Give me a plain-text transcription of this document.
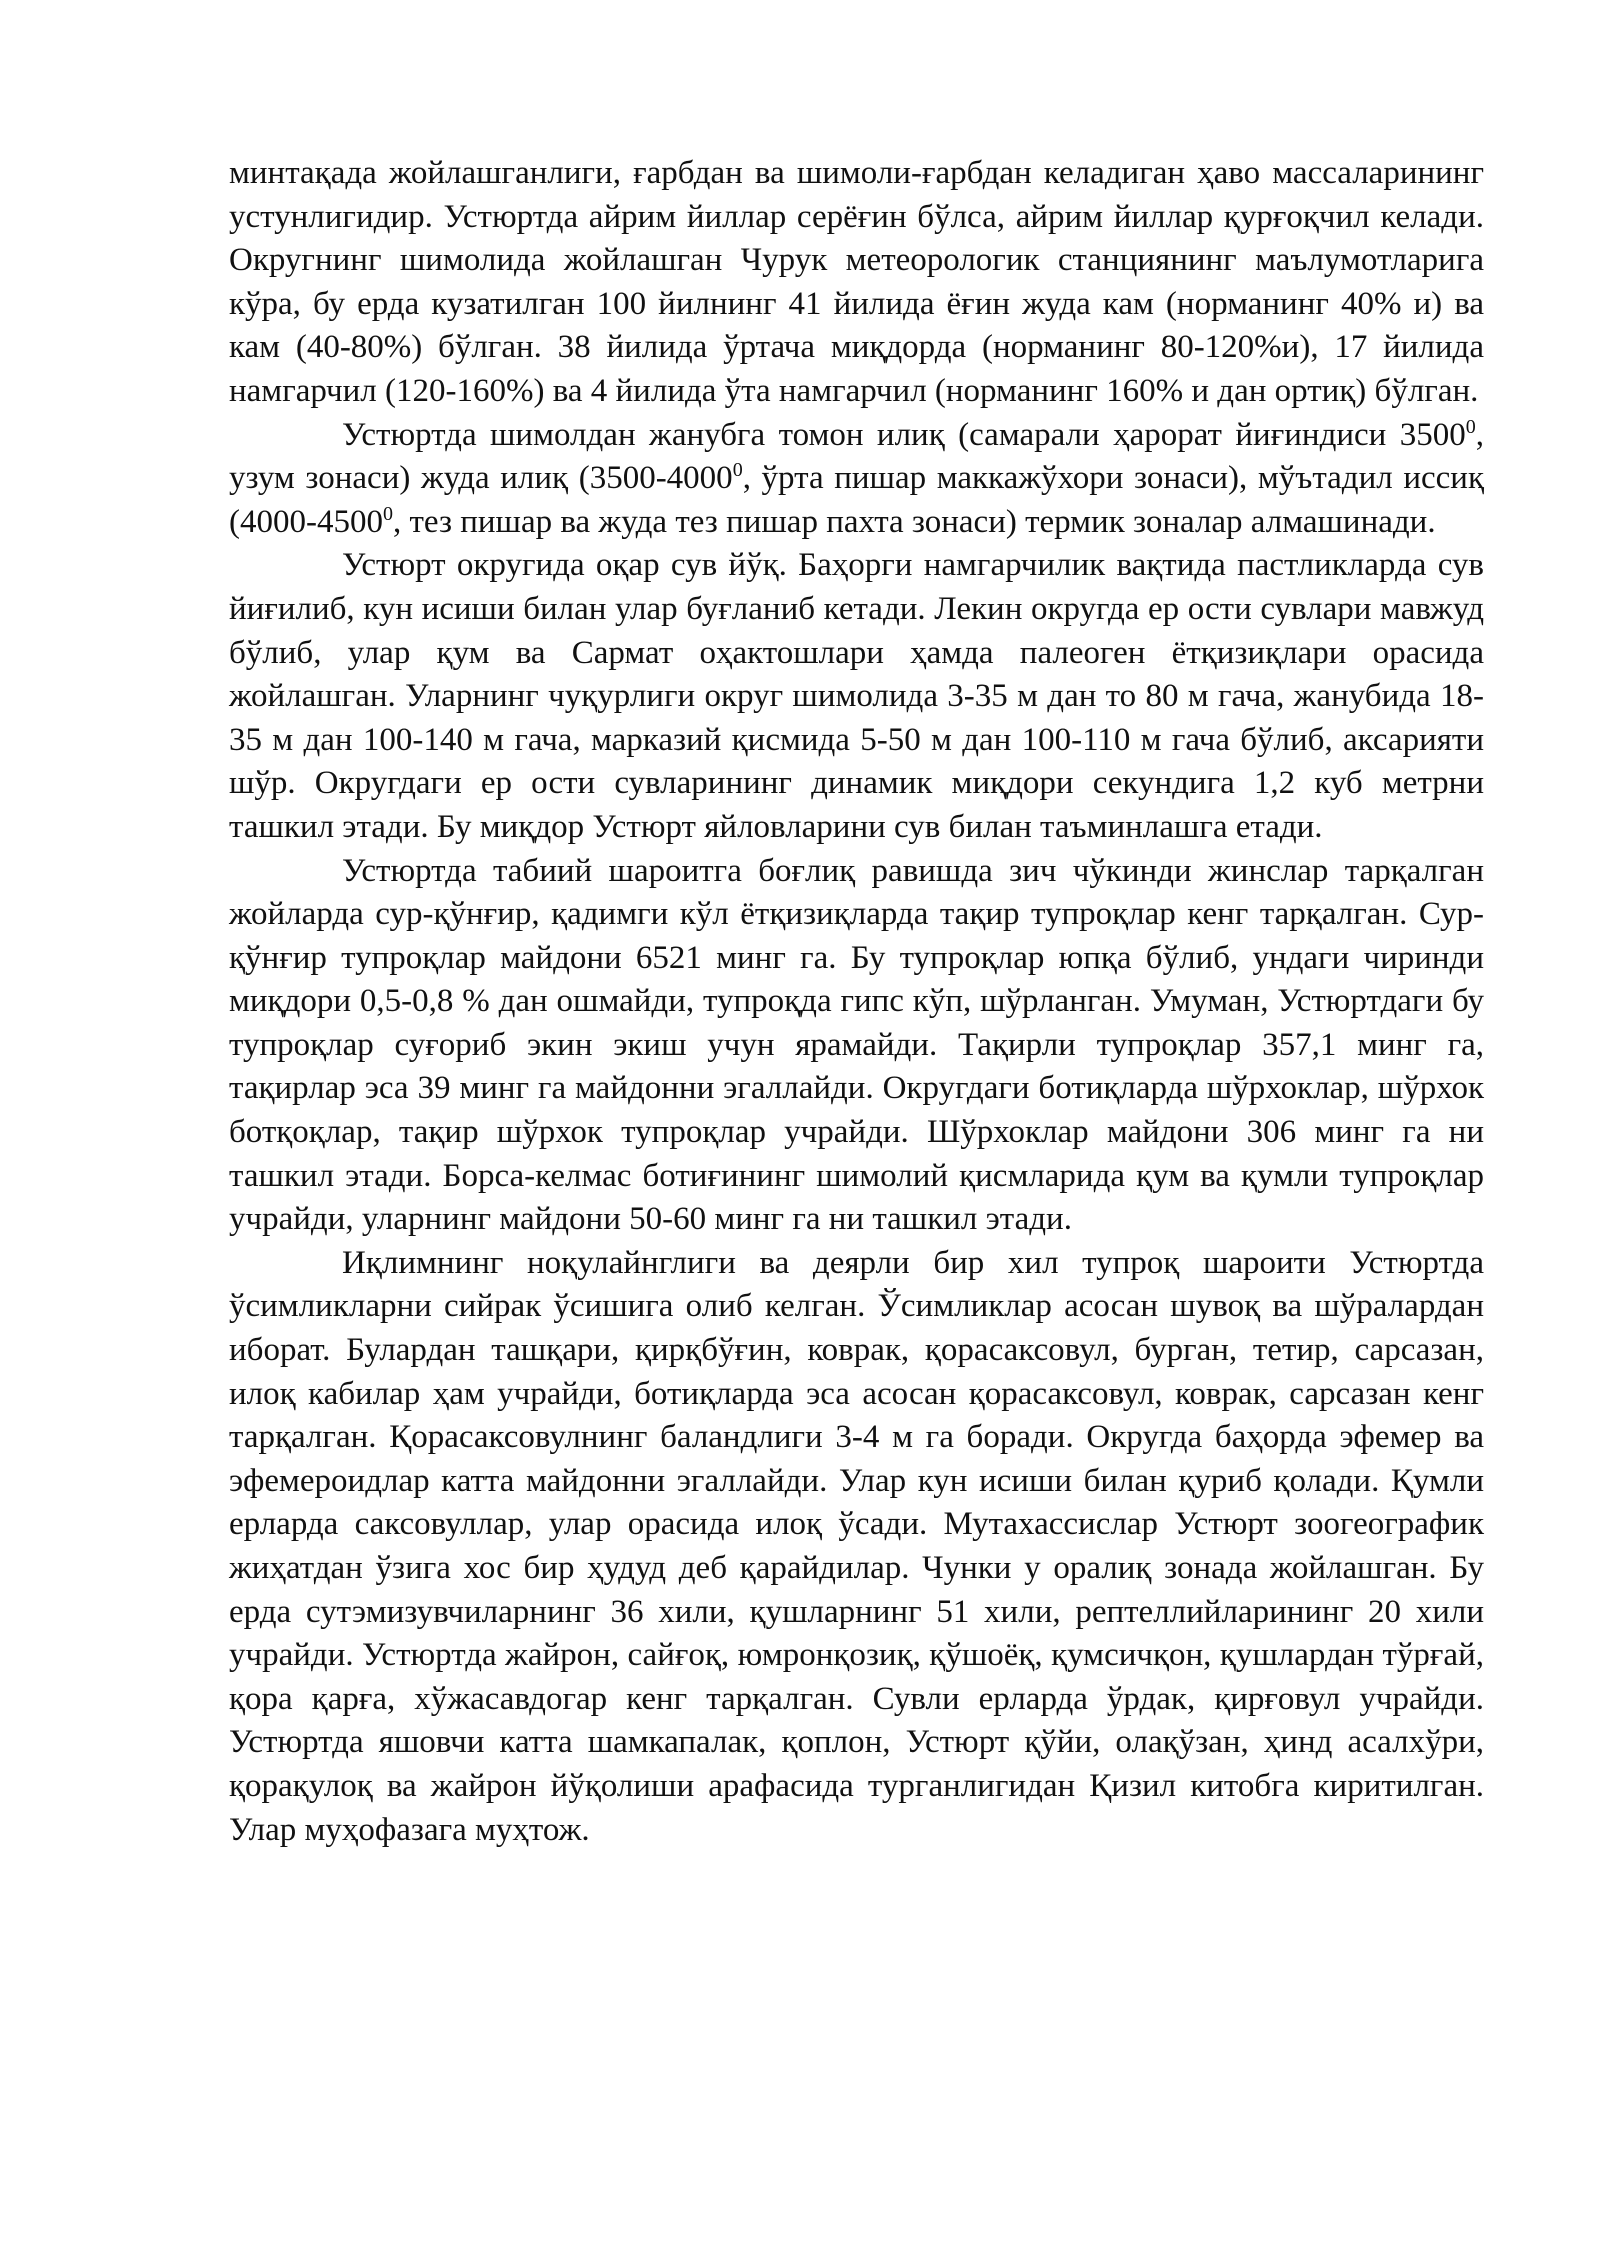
минтақада жойлашганлиги, ғарбдан ва шимоли-ғарбдан келадиган ҳаво массаларининг устунлигидир. Устюртда айрим йиллар серёғин бўлса, айрим йиллар қурғоқчил келади. Округнинг шимолида жойлашган Чурук метеорологик станциянинг маълумотларига кўра, бу ерда кузатилган 100 йилнинг 41 йилида ёғин жуда кам (норманинг 40% и) ва кам (40-80%) бўлган. 38 йилида ўртача миқдорда (норманинг 80-120%и), 17 йилида намгарчил (120-160%) ва 4 йилида ўта намгарчил (норманинг 160% и дан ортиқ) бўлган.

Устюртда шимолдан жанубга томон илиқ (самарали ҳарорат йиғиндиси 3500$^0$, узум зонаси) жуда илиқ (3500-4000$^0$, ўрта пишар маккажўхори зонаси), мўътадил иссиқ (4000-4500$^0$, тез пишар ва жуда тез пишар пахта зонаси) термик зоналар алмашинади.

Устюрт округида оқар сув йўқ. Баҳорги намгарчилик вақтида пастликларда сув йиғилиб, кун исиши билан улар буғланиб кетади. Лекин округда ер ости сувлари мавжуд бўлиб, улар қум ва Сармат оҳактошлари ҳамда палеоген ётқизиқлари орасида жойлашган. Уларнинг чуқурлиги округ шимолида 3-35 м дан то 80 м гача, жанубида 18-35 м дан 100-140 м гача, марказий қисмида 5-50 м дан 100-110 м гача бўлиб, аксарияти шўр. Округдаги ер ости сувларининг динамик миқдори секундига 1,2 куб метрни ташкил этади. Бу миқдор Устюрт яйловларини сув билан таъминлашга етади.

Устюртда табиий шароитга боғлиқ равишда зич чўкинди жинслар тарқалган жойларда сур-қўнғир, қадимги кўл ётқизиқларда тақир тупроқлар кенг тарқалган. Сур-қўнғир тупроқлар майдони 6521 минг га. Бу тупроқлар юпқа бўлиб, ундаги чиринди миқдори 0,5-0,8 % дан ошмайди, тупроқда гипс кўп, шўрланган. Умуман, Устюртдаги бу тупроқлар суғориб экин экиш учун ярамайди. Тақирли тупроқлар 357,1 минг га, тақирлар эса 39 минг га майдонни эгаллайди. Округдаги ботиқларда шўрхоклар, шўрхок ботқоқлар, тақир шўрхок тупроқлар учрайди. Шўрхоклар майдони 306 минг га ни ташкил этади. Борса-келмас ботиғининг шимолий қисмларида қум ва қумли тупроқлар учрайди, уларнинг майдони 50-60 минг га ни ташкил этади.

Иқлимнинг ноқулайнглиги ва деярли бир хил тупроқ шароити Устюртда ўсимликларни сийрак ўсишига олиб келган. Ўсимликлар асосан шувоқ ва шўралардан иборат. Булардан ташқари, қирқбўғин, коврак, қорасаксовул, бурган, тетир, сарсазан, илоқ кабилар ҳам учрайди, ботиқларда эса асосан қорасаксовул, коврак, сарсазан кенг тарқалган. Қорасаксовулнинг баландлиги 3-4 м га боради. Округда баҳорда эфемер ва эфемероидлар катта майдонни эгаллайди. Улар кун исиши билан қуриб қолади. Қумли ерларда саксовуллар, улар орасида илоқ ўсади. Мутахассислар Устюрт зоогеографик жиҳатдан ўзига хос бир ҳудуд деб қарайдилар. Чунки у оралиқ зонада жойлашган. Бу ерда сутэмизувчиларнинг 36 хили, қушларнинг 51 хили, рептеллийларининг 20 хили учрайди. Устюртда жайрон, сайғоқ, юмронқозиқ, қўшоёқ, қумсичқон, қушлардан тўрғай, қора қарға, хўжасавдогар кенг тарқалган. Сувли ерларда ўрдак, қирғовул учрайди. Устюртда яшовчи катта шамкапалак, қоплон, Устюрт қўйи, олақўзан, ҳинд асалхўри, қорақулоқ ва жайрон йўқолиши арафасида турганлигидан Қизил китобга киритилган. Улар муҳофазага муҳтож.
